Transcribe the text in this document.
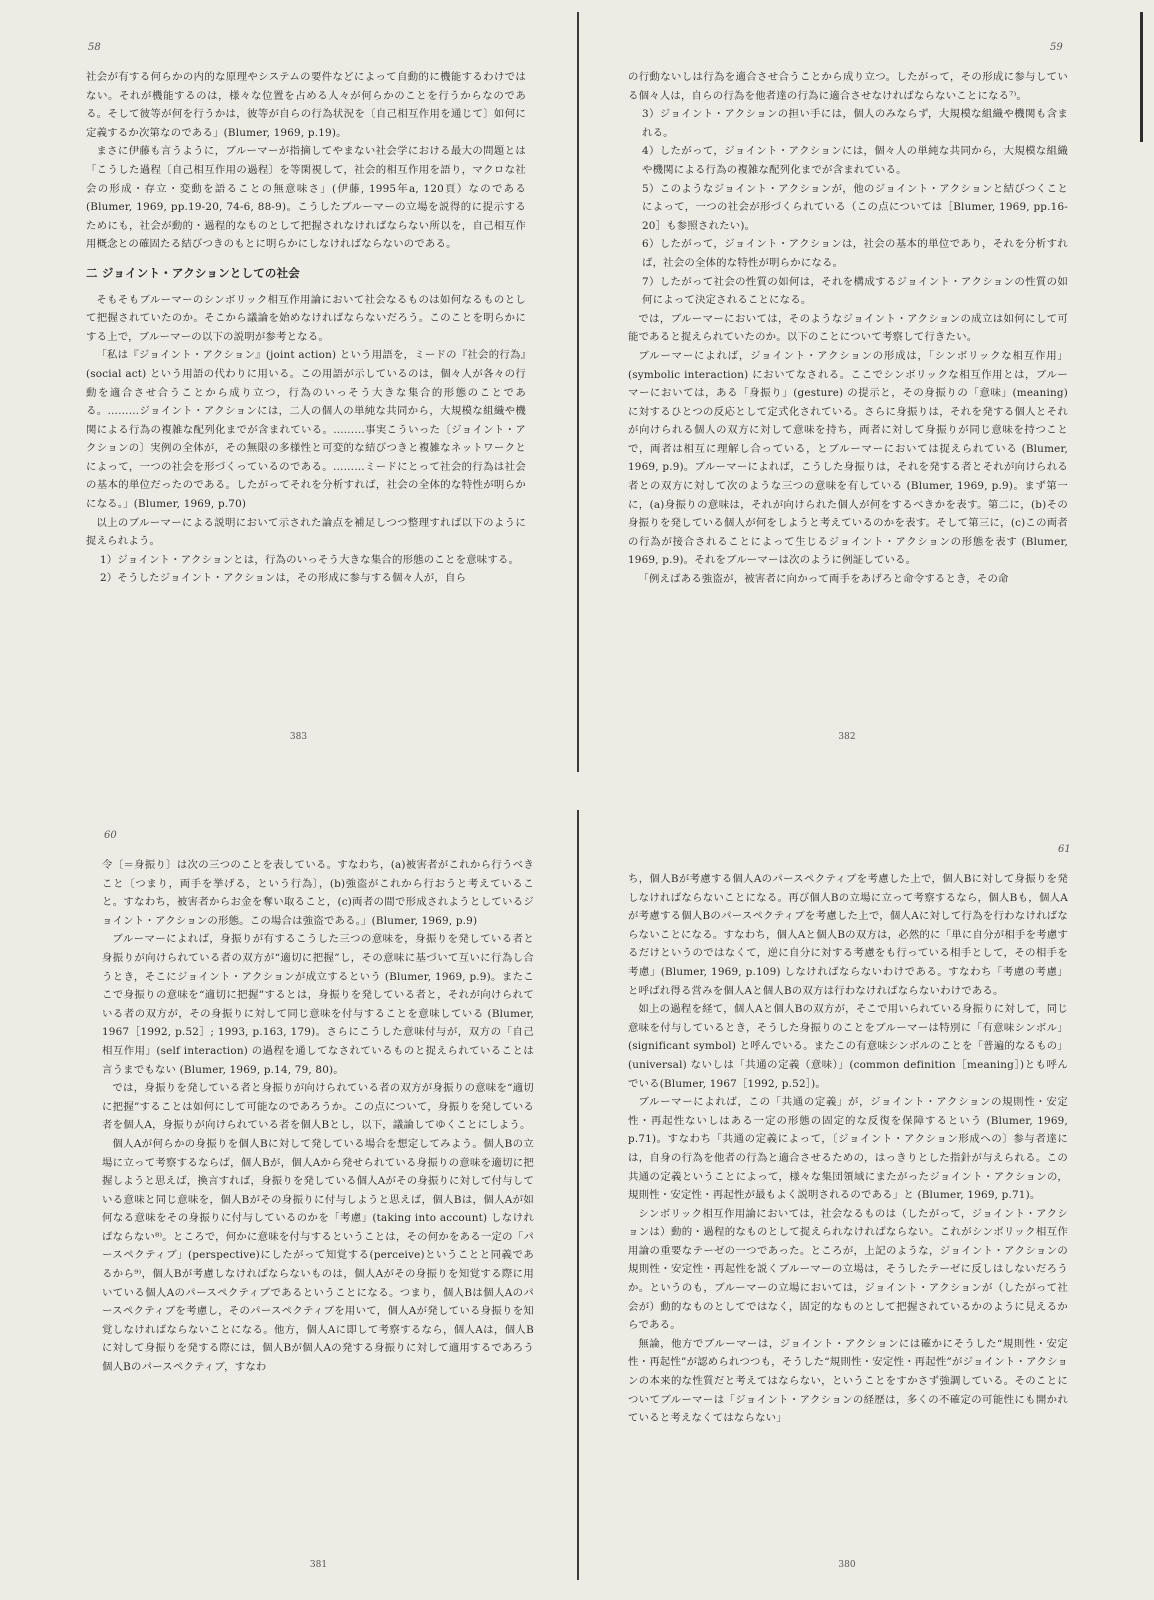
58

社会が有する何らかの内的な原理やシステムの要件などによって自動的に機能するわけではない。それが機能するのは，様々な位置を占める人々が何らかのことを行うからなのである。そして彼等が何を行うかは，彼等が自らの行為状況を〔自己相互作用を通じて〕如何に定義するか次第なのである」(Blumer, 1969, p.19)。

まさに伊藤も言うように，ブルーマーが指摘してやまない社会学における最大の問題とは「こうした過程〔自己相互作用の過程〕を等閑視して，社会的相互作用を語り，マクロな社会の形成・存立・変動を語ることの無意味さ」(伊藤, 1995年a, 120頁）なのである (Blumer, 1969, pp.19-20, 74-6, 88-9)。こうしたブルーマーの立場を説得的に提示するためにも，社会が動的・過程的なものとして把握されなければならない所以を，自己相互作用概念との確固たる結びつきのもとに明らかにしなければならないのである。

二 ジョイント・アクションとしての社会

そもそもブルーマーのシンボリック相互作用論において社会なるものは如何なるものとして把握されていたのか。そこから議論を始めなければならないだろう。このことを明らかにする上で，ブルーマーの以下の説明が参考となる。

「私は『ジョイント・アクション』(joint action) という用語を，ミードの『社会的行為』(social act) という用語の代わりに用いる。この用語が示しているのは，個々人が各々の行動を適合させ合うことから成り立つ，行為のいっそう大きな集合的形態のことである。………ジョイント・アクションには，二人の個人の単純な共同から，大規模な組織や機関による行為の複雑な配列化までが含まれている。………事実こういった〔ジョイント・アクションの〕実例の全体が，その無限の多様性と可変的な結びつきと複雑なネットワークとによって，一つの社会を形づくっているのである。………ミードにとって社会的行為は社会の基本的単位だったのである。したがってそれを分析すれば，社会の全体的な特性が明らかになる。」(Blumer, 1969, p.70)

以上のブルーマーによる説明において示された論点を補足しつつ整理すれば以下のように捉えられよう。

1）ジョイント・アクションとは，行為のいっそう大きな集合的形態のことを意味する。
2）そうしたジョイント・アクションは，その形成に参与する個々人が，自ら
383
59

の行動ないしは行為を適合させ合うことから成り立つ。したがって，その形成に参与している個々人は，自らの行為を他者達の行為に適合させなければならないことになる⁷⁾。

3）ジョイント・アクションの担い手には，個人のみならず，大規模な組織や機関も含まれる。
4）したがって，ジョイント・アクションには，個々人の単純な共同から，大規模な組織や機関による行為の複雑な配列化までが含まれている。
5）このようなジョイント・アクションが，他のジョイント・アクションと結びつくことによって，一つの社会が形づくられている（この点については［Blumer, 1969, pp.16-20］も参照されたい)。
6）したがって，ジョイント・アクションは，社会の基本的単位であり，それを分析すれば，社会の全体的な特性が明らかになる。
7）したがって社会の性質の如何は，それを構成するジョイント・アクションの性質の如何によって決定されることになる。

では，ブルーマーにおいては，そのようなジョイント・アクションの成立は如何にして可能であると捉えられていたのか。以下のことについて考察して行きたい。

ブルーマーによれば，ジョイント・アクションの形成は，「シンボリックな相互作用」(symbolic interaction) においてなされる。ここでシンボリックな相互作用とは，ブルーマーにおいては，ある「身振り」(gesture) の提示と，その身振りの「意味」(meaning) に対するひとつの反応として定式化されている。さらに身振りは，それを発する個人とそれが向けられる個人の双方に対して意味を持ち，両者に対して身振りが同じ意味を持つことで，両者は相互に理解し合っている，とブルーマーにおいては捉えられている (Blumer, 1969, p.9)。ブルーマーによれば，こうした身振りは，それを発する者とそれが向けられる者との双方に対して次のような三つの意味を有している (Blumer, 1969, p.9)。まず第一に，(a)身振りの意味は，それが向けられた個人が何をするべきかを表す。第二に，(b)その身振りを発している個人が何をしようと考えているのかを表す。そして第三に，(c)この両者の行為が接合されることによって生じるジョイント・アクションの形態を表す (Blumer, 1969, p.9)。それをブルーマーは次のように例証している。

「例えばある強盗が，被害者に向かって両手をあげろと命令するとき，その命

382
60

令〔＝身振り〕は次の三つのことを表している。すなわち，(a)被害者がこれから行うべきこと〔つまり，両手を挙げる，という行為〕，(b)強盗がこれから行おうと考えていること。すなわち，被害者からお金を奪い取ること，(c)両者の間で形成されようとしているジョイント・アクションの形態。この場合は強盗である。」(Blumer, 1969, p.9)

ブルーマーによれば，身振りが有するこうした三つの意味を，身振りを発している者と身振りが向けられている者の双方が“適切に把握”し，その意味に基づいて互いに行為し合うとき，そこにジョイント・アクションが成立するという (Blumer, 1969, p.9)。またここで身振りの意味を“適切に把握”するとは，身振りを発している者と，それが向けられている者の双方が，その身振りに対して同じ意味を付与することを意味している (Blumer, 1967［1992, p.52］; 1993, p.163, 179)。さらにこうした意味付与が，双方の「自己相互作用」(self interaction) の過程を通してなされているものと捉えられていることは言うまでもない (Blumer, 1969, p.14, 79, 80)。

では，身振りを発している者と身振りが向けられている者の双方が身振りの意味を“適切に把握”することは如何にして可能なのであろうか。この点について，身振りを発している者を個人A，身振りが向けられている者を個人Bとし，以下，議論してゆくことにしよう。

個人Aが何らかの身振りを個人Bに対して発している場合を想定してみよう。個人Bの立場に立って考察するならば，個人Bが，個人Aから発せられている身振りの意味を適切に把握しようと思えば，換言すれば，身振りを発している個人Aがその身振りに対して付与している意味と同じ意味を，個人Bがその身振りに付与しようと思えば，個人Bは，個人Aが如何なる意味をその身振りに付与しているのかを「考慮」(taking into account) しなければならない⁸⁾。ところで，何かに意味を付与するということは，その何かをある一定の「パースペクティブ」(perspective)にしたがって知覚する(perceive)ということと同義であるから⁹⁾，個人Bが考慮しなければならないものは，個人Aがその身振りを知覚する際に用いている個人Aのパースペクティブであるということになる。つまり，個人Bは個人Aのパースペクティブを考慮し，そのパースペクティブを用いて，個人Aが発している身振りを知覚しなければならないことになる。他方，個人Aに即して考察するなら，個人Aは，個人Bに対して身振りを発する際には，個人Bが個人Aの発する身振りに対して適用するであろう個人Bのパースペクティブ，すなわ

381
61

ち，個人Bが考慮する個人Aのパースペクティブを考慮した上で，個人Bに対して身振りを発しなければならないことになる。再び個人Bの立場に立って考察するなら，個人Bも，個人Aが考慮する個人Bのパースペクティブを考慮した上で，個人Aに対して行為を行わなければならないことになる。すなわち，個人Aと個人Bの双方は，必然的に「単に自分が相手を考慮するだけというのではなくて，逆に自分に対する考慮をも行っている相手として，その相手を考慮」(Blumer, 1969, p.109) しなければならないわけである。すなわち「考慮の考慮」と呼ばれ得る営みを個人Aと個人Bの双方は行わなければならないわけである。

如上の過程を経て，個人Aと個人Bの双方が，そこで用いられている身振りに対して，同じ意味を付与しているとき，そうした身振りのことをブルーマーは特別に「有意味シンボル」(significant symbol) と呼んでいる。またこの有意味シンボルのことを「普遍的なるもの」(universal) ないしは「共通の定義（意味）」(common definition［meaning］)とも呼んでいる(Blumer, 1967［1992, p.52］)。

ブルーマーによれば，この「共通の定義」が，ジョイント・アクションの規則性・安定性・再起性ないしはある一定の形態の固定的な反復を保障するという (Blumer, 1969, p.71)。すなわち「共通の定義によって，〔ジョイント・アクション形成への〕参与者達には，自身の行為を他者の行為と適合させるための，はっきりとした指針が与えられる。この共通の定義ということによって，様々な集団領域にまたがったジョイント・アクションの，規則性・安定性・再起性が最もよく説明されるのである」と (Blumer, 1969, p.71)。

シンボリック相互作用論においては，社会なるものは（したがって，ジョイント・アクションは）動的・過程的なものとして捉えられなければならない。これがシンボリック相互作用論の重要なテーゼの一つであった。ところが，上記のような，ジョイント・アクションの規則性・安定性・再起性を説くブルーマーの立場は，そうしたテーゼに反しはしないだろうか。というのも，ブルーマーの立場においては，ジョイント・アクションが（したがって社会が）動的なものとしてではなく，固定的なものとして把握されているかのように見えるからである。

無論，他方でブルーマーは，ジョイント・アクションには確かにそうした“規則性・安定性・再起性”が認められつつも，そうした“規則性・安定性・再起性”がジョイント・アクションの本来的な性質だと考えてはならない，ということをすかさず強調している。そのことについてブルーマーは「ジョイント・アクションの経歴は，多くの不確定の可能性にも開かれていると考えなくてはならない」

380
